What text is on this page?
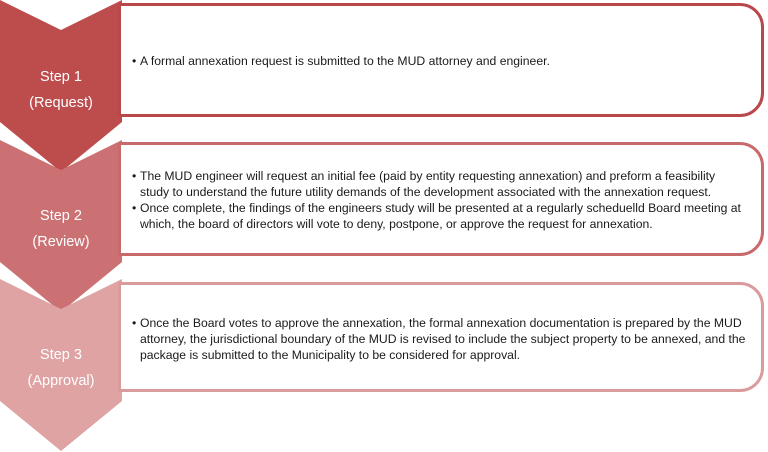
Step 1
(Request)
• A formal annexation request is submitted to the MUD attorney and engineer.
Step 2
(Review)
• The MUD engineer will request an initial fee (paid by entity requesting annexation) and preform a feasibility study to understand the future utility demands of the development associated with the annexation request.
• Once complete, the findings of the engineers study will be presented at a regularly scheduelld Board meeting at which, the board of directors will vote to deny, postpone, or approve the request for annexation.
Step 3
(Approval)
• Once the Board votes to approve the annexation, the formal annexation documentation is prepared by the MUD attorney, the jurisdictional boundary of the MUD is revised to include the subject property to be annexed, and the package is submitted to the Municipality to be considered for approval.
